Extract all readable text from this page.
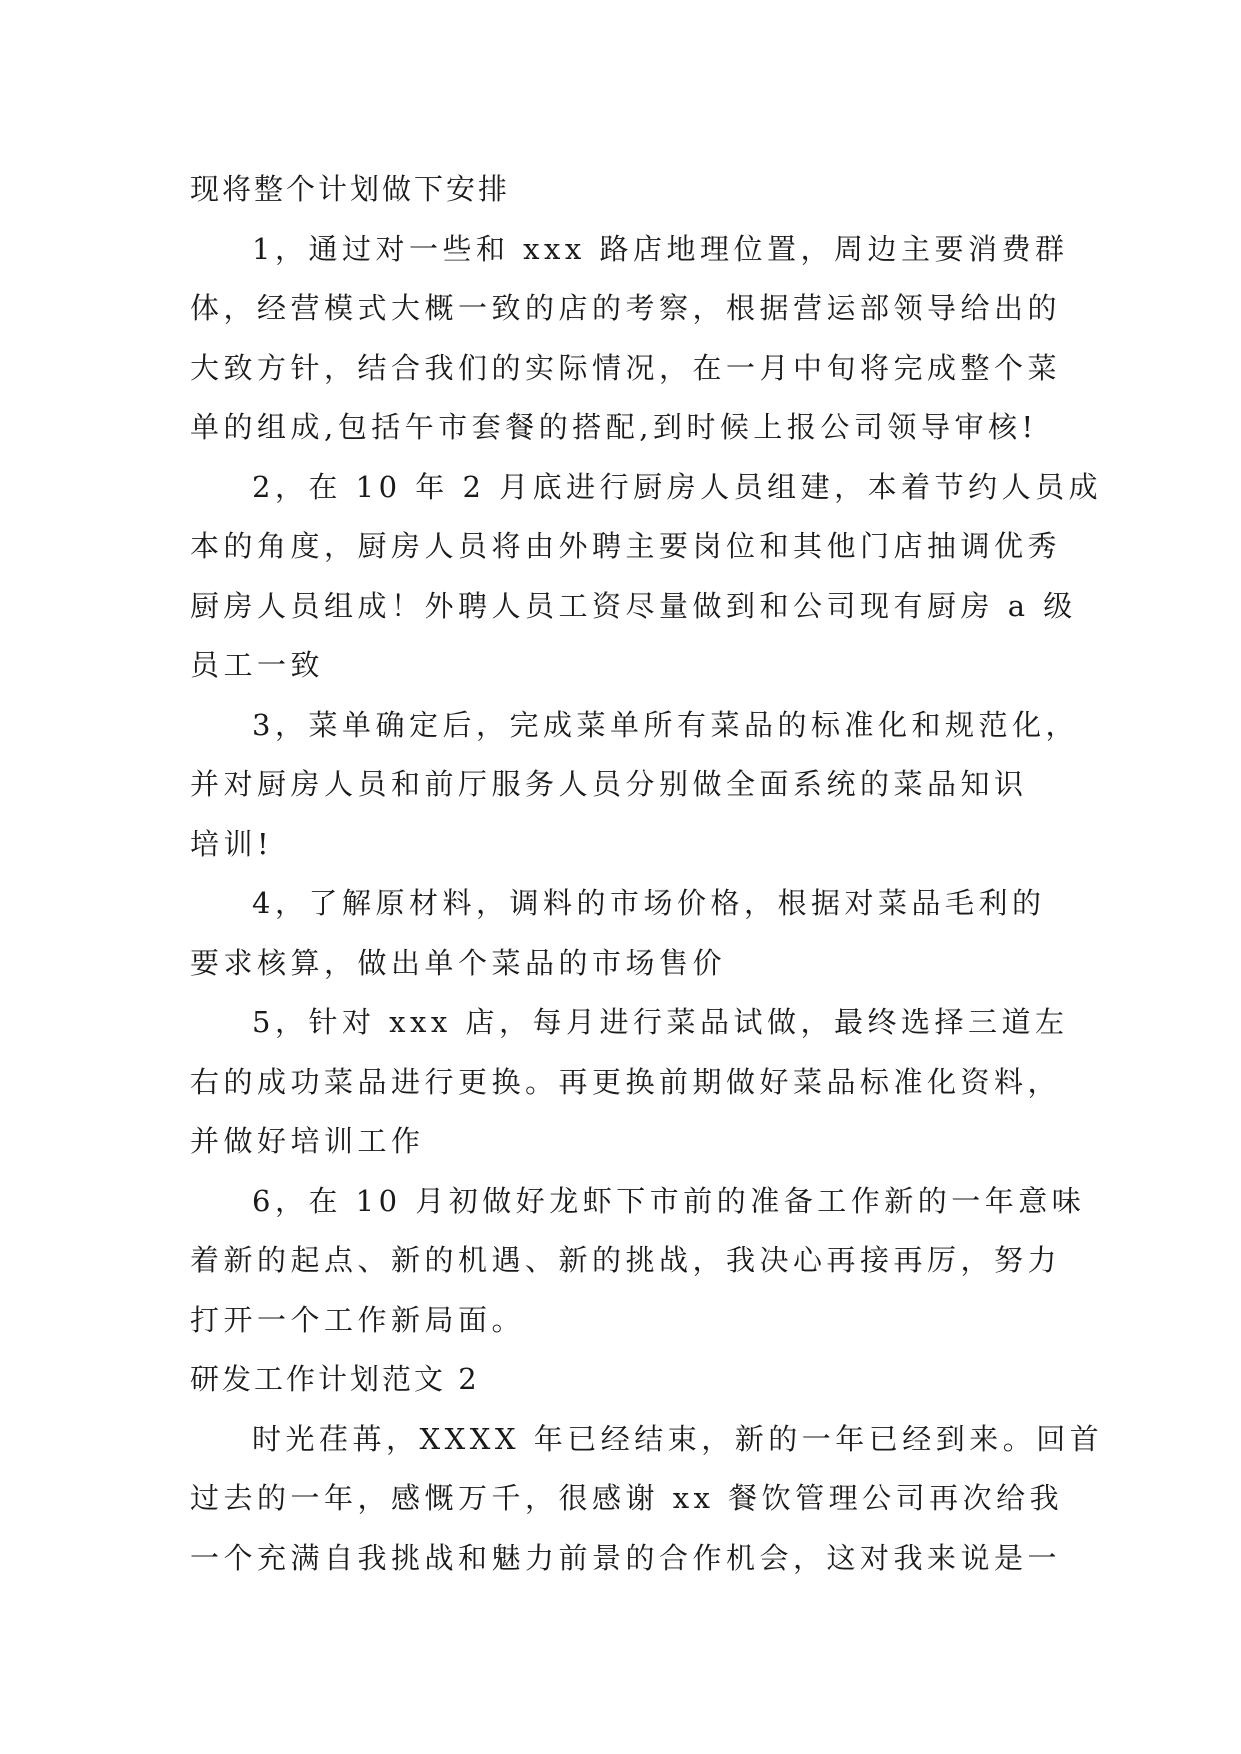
现将整个计划做下安排

1，通过对一些和 xxx 路店地理位置，周边主要消费群

体，经营模式大概一致的店的考察，根据营运部领导给出的

大致方针，结合我们的实际情况，在一月中旬将完成整个菜

单的组成,包括午市套餐的搭配,到时候上报公司领导审核!

2，在 10 年 2 月底进行厨房人员组建，本着节约人员成

本的角度，厨房人员将由外聘主要岗位和其他门店抽调优秀

厨房人员组成！外聘人员工资尽量做到和公司现有厨房 a 级

员工一致

3，菜单确定后，完成菜单所有菜品的标准化和规范化，

并对厨房人员和前厅服务人员分别做全面系统的菜品知识

培训!

4，了解原材料，调料的市场价格，根据对菜品毛利的

要求核算，做出单个菜品的市场售价

5，针对 xxx 店，每月进行菜品试做，最终选择三道左

右的成功菜品进行更换。再更换前期做好菜品标准化资料，

并做好培训工作

6，在 10 月初做好龙虾下市前的准备工作新的一年意味

着新的起点、新的机遇、新的挑战，我决心再接再厉，努力

打开一个工作新局面。

研发工作计划范文 2

时光荏苒，XXXX 年已经结束，新的一年已经到来。回首

过去的一年，感慨万千，很感谢 xx 餐饮管理公司再次给我

一个充满自我挑战和魅力前景的合作机会，这对我来说是一
